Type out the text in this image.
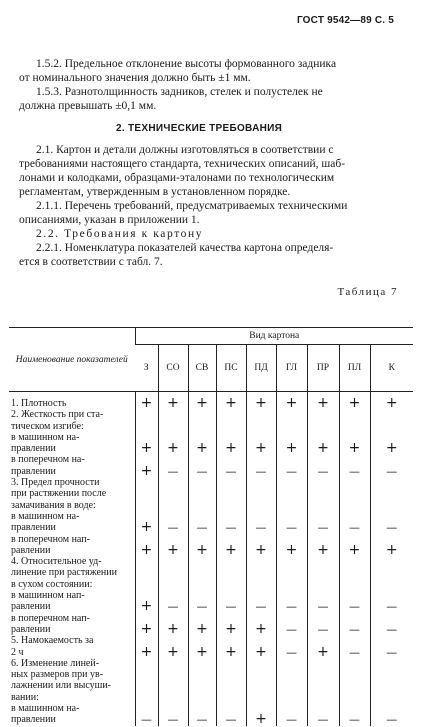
ГОСТ 9542—89 С. 5
1.5.2. Предельное отклонение высоты формованного задника
от номинального значения должно быть ±1 мм.
1.5.3. Разнотолщинность задников, стелек и полустелек не
должна превышать ±0,1 мм.
2. ТЕХНИЧЕСКИЕ ТРЕБОВАНИЯ
2.1. Картон и детали должны изготовляться в соответствии с
требованиями настоящего стандарта, технических описаний, шаб-
лонами и колодками, образцами-эталонами по технологическим
регламентам, утвержденным в установленном порядке.
2.1.1. Перечень требований, предусматриваемых техническими
описаниями, указан в приложении 1.
2.2. Требования к картону
2.2.1. Номенклатура показателей качества картона определя-
ется в соответствии с табл. 7.
Таблица 7
Наименование показателей	Вид картона								
	З	СО	СВ	ПС	ПД	ГЛ	ПР	ПЛ	К
1. Плотность	+	+	+	+	+	+	+	+	+
2. Жесткость при ста-									
тическом изгибе:									
в машинном на-									
правлении	+	+	+	+	+	+	+	+	+
в поперечном на-									
правлении	+	—	—	—	—	—	—	—	—
3. Предел прочности									
при растяжении после									
замачивания в воде:									
в машинном на-									
правлении	+	—	—	—	—	—	—	—	—
в поперечном нап-									
равлении	+	+	+	+	+	+	+	+	+
4. Относительное уд-									
линение при растяжении									
в сухом состоянии:									
в машинном нап-									
равлении	+	—	—	—	—	—	—	—	—
в поперечном нап-									
равлении	+	+	+	+	+	—	—	—	—
5. Намокаемость за									
2 ч	+	+	+	+	+	—	+	—	—
6. Изменение линей-									
ных размеров при ув-									
лажнении или высуши-									
вании:									
в машинном на-									
правлении	—	—	—	—	+	—	—	—	—
